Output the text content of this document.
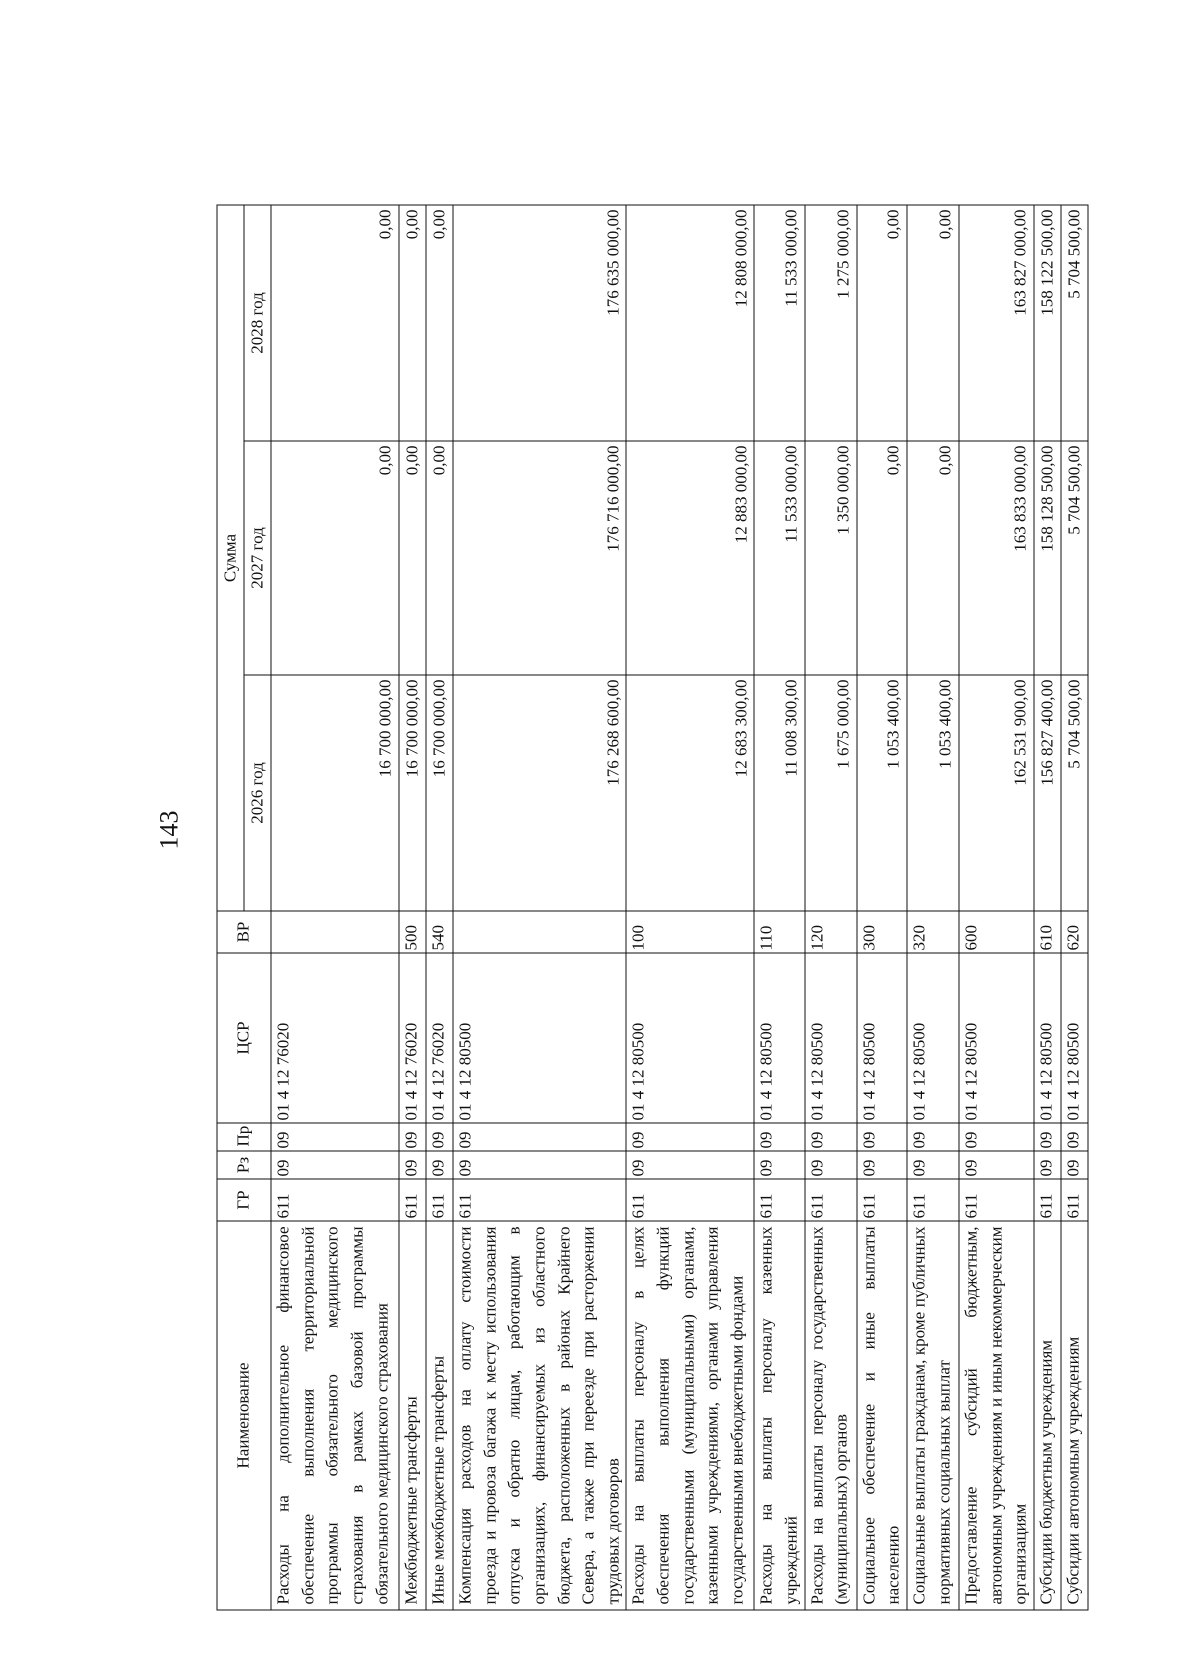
143
Наименование	ГР	Рз	Пр	ЦСР	ВР	Сумма		
						2026 год	2027 год	2028 год
Расходы на дополнительное финансовое обеспечение выполнения территориальной программы обязательного медицинского страхования в рамках базовой программы обязательного медицинского страхования	611	09	09	01 4 12 76020		16 700 000,00	0,00	0,00
Межбюджетные трансферты	611	09	09	01 4 12 76020	500	16 700 000,00	0,00	0,00
Иные межбюджетные трансферты	611	09	09	01 4 12 76020	540	16 700 000,00	0,00	0,00
Компенсация расходов на оплату стоимости проезда и провоза багажа к месту использования отпуска и обратно лицам, работающим в организациях, финансируемых из областного бюджета, расположенных в районах Крайнего Севера, а также при переезде при расторжении трудовых договоров	611	09	09	01 4 12 80500		176 268 600,00	176 716 000,00	176 635 000,00
Расходы на выплаты персоналу в целях обеспечения выполнения функций государственными (муниципальными) органами, казенными учреждениями, органами управления государственными внебюджетными фондами	611	09	09	01 4 12 80500	100	12 683 300,00	12 883 000,00	12 808 000,00
Расходы на выплаты персоналу казенных учреждений	611	09	09	01 4 12 80500	110	11 008 300,00	11 533 000,00	11 533 000,00
Расходы на выплаты персоналу государственных (муниципальных) органов	611	09	09	01 4 12 80500	120	1 675 000,00	1 350 000,00	1 275 000,00
Социальное обеспечение и иные выплаты населению	611	09	09	01 4 12 80500	300	1 053 400,00	0,00	0,00
Социальные выплаты гражданам, кроме публичных нормативных социальных выплат	611	09	09	01 4 12 80500	320	1 053 400,00	0,00	0,00
Предоставление субсидий бюджетным, автономным учреждениям и иным некоммерческим организациям	611	09	09	01 4 12 80500	600	162 531 900,00	163 833 000,00	163 827 000,00
Субсидии бюджетным учреждениям	611	09	09	01 4 12 80500	610	156 827 400,00	158 128 500,00	158 122 500,00
Субсидии автономным учреждениям	611	09	09	01 4 12 80500	620	5 704 500,00	5 704 500,00	5 704 500,00
